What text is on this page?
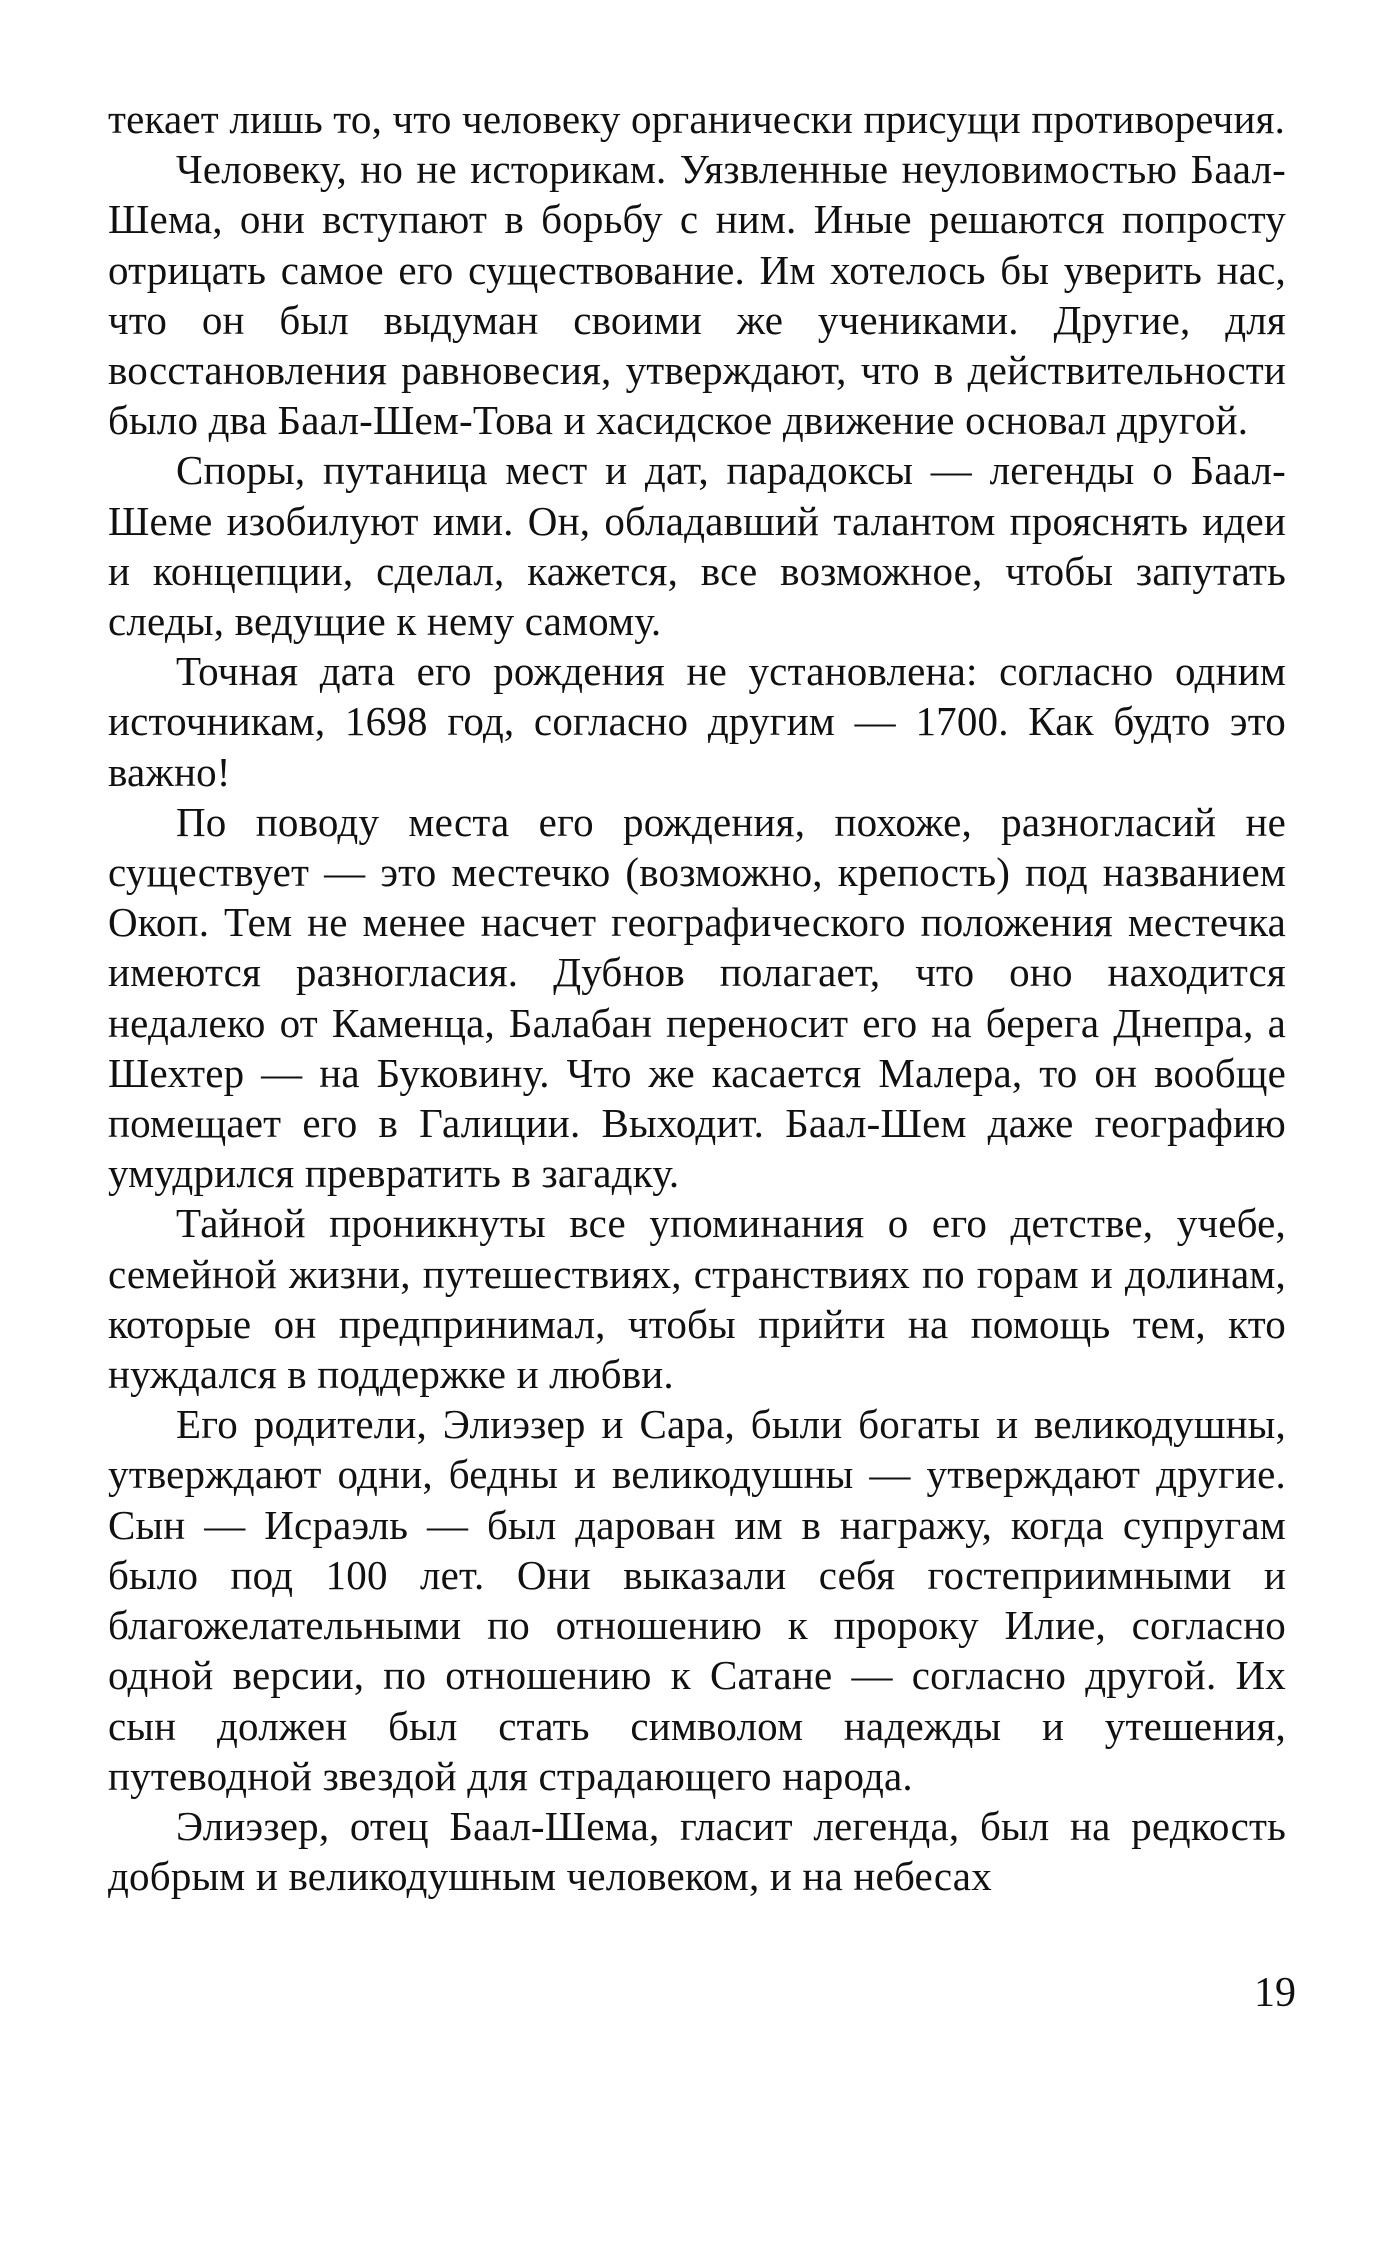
текает лишь то, что человеку органически присущи противоречия.

Человеку, но не историкам. Уязвленные неуловимостью Баал-Шема, они вступают в борьбу с ним. Иные решаются попросту отрицать самое его существование. Им хотелось бы уверить нас, что он был выдуман своими же учениками. Другие, для восстановления равновесия, утверждают, что в действительности было два Баал-Шем-Това и хасидское движение основал другой.

Споры, путаница мест и дат, парадоксы — легенды о Баал-Шеме изобилуют ими. Он, обладавший талантом прояснять идеи и концепции, сделал, кажется, все возможное, чтобы запутать следы, ведущие к нему самому.

Точная дата его рождения не установлена: согласно одним источникам, 1698 год, согласно другим — 1700. Как будто это важно!

По поводу места его рождения, похоже, разногласий не существует — это местечко (возможно, крепость) под названием Окоп. Тем не менее насчет географического положения местечка имеются разногласия. Дубнов полагает, что оно находится недалеко от Каменца, Балабан переносит его на берега Днепра, а Шехтер — на Буковину. Что же касается Малера, то он вообще помещает его в Галиции. Выходит. Баал-Шем даже географию умудрился превратить в загадку.

Тайной проникнуты все упоминания о его детстве, учебе, семейной жизни, путешествиях, странствиях по горам и долинам, которые он предпринимал, чтобы прийти на помощь тем, кто нуждался в поддержке и любви.

Его родители, Элиэзер и Сара, были богаты и великодушны, утверждают одни, бедны и великодушны — утверждают другие. Сын — Исраэль — был дарован им в награжу, когда супругам было под 100 лет. Они выказали себя гостеприимными и благожелательными по отношению к пророку Илие, согласно одной версии, по отношению к Сатане — согласно другой. Их сын должен был стать символом надежды и утешения, путеводной звездой для страдающего народа.

Элиэзер, отец Баал-Шема, гласит легенда, был на редкость добрым и великодушным человеком, и на небесах

19
